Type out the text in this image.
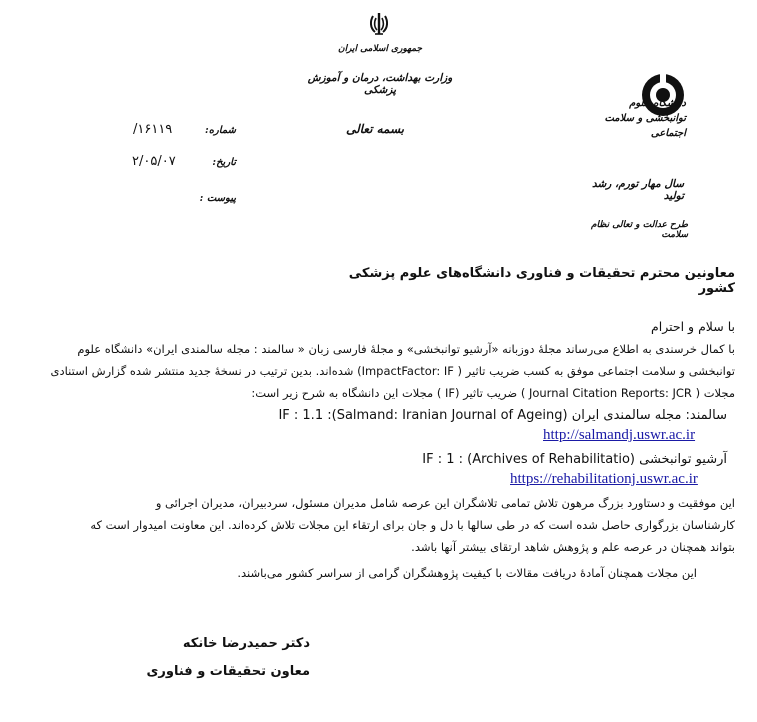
جمهوری اسلامی ایران
وزارت بهداشت، درمان و آموزش پزشکی
بسمه تعالی
دانشگاه علوم توانبخشی و سلامت اجتماعی
سال مهار تورم، رشد تولید
طرح عدالت و تعالی نظام سلامت
شماره:
/۱۶۱۱۹
تاریخ:
۲/۰۵/۰۷
پیوست :
معاونین محترم تحقیقات و فناوری دانشگاه‌های علوم پزشکی کشور
با سلام و احترام
با کمال خرسندی به اطلاع می‌رساند مجلهٔ دوزبانه «آرشیو توانبخشی» و مجلهٔ فارسی زبان « سالمند : مجله سالمندی ایران» دانشگاه علوم
توانبخشی و سلامت اجتماعی موفق به کسب ضریب تاثیر ( ImpactFactor: IF) شده‌اند. بدین ترتیب در نسخهٔ جدید منتشر شده گزارش استنادی
مجلات ( Journal Citation Reports: JCR ) ضریب تاثیر (IF ) مجلات این دانشگاه به شرح زیر است:
سالمند: مجله سالمندی ایران (Salmand: Iranian Journal of Ageing): IF : 1.1
http://salmandj.uswr.ac.ir
آرشیو توانبخشی (Archives of Rehabilitatio) : IF : 1
https://rehabilitationj.uswr.ac.ir
این موفقیت و دستاورد بزرگ مرهون تلاش تمامی تلاشگران این عرصه شامل مدیران مسئول، سردبیران، مدیران اجرائی و
کارشناسان بزرگواری حاصل شده است که در طی سالها با دل و جان برای ارتقاء این مجلات تلاش کرده‌اند. این معاونت امیدوار است که
بتواند همچنان در عرصه علم و پژوهش شاهد ارتقای بیشتر آنها باشد.
این مجلات همچنان آمادهٔ دریافت مقالات با کیفیت پژوهشگران گرامی از سراسر کشور می‌باشند.
دکتر حمیدرضا خانکه
معاون تحقیقات و فناوری
